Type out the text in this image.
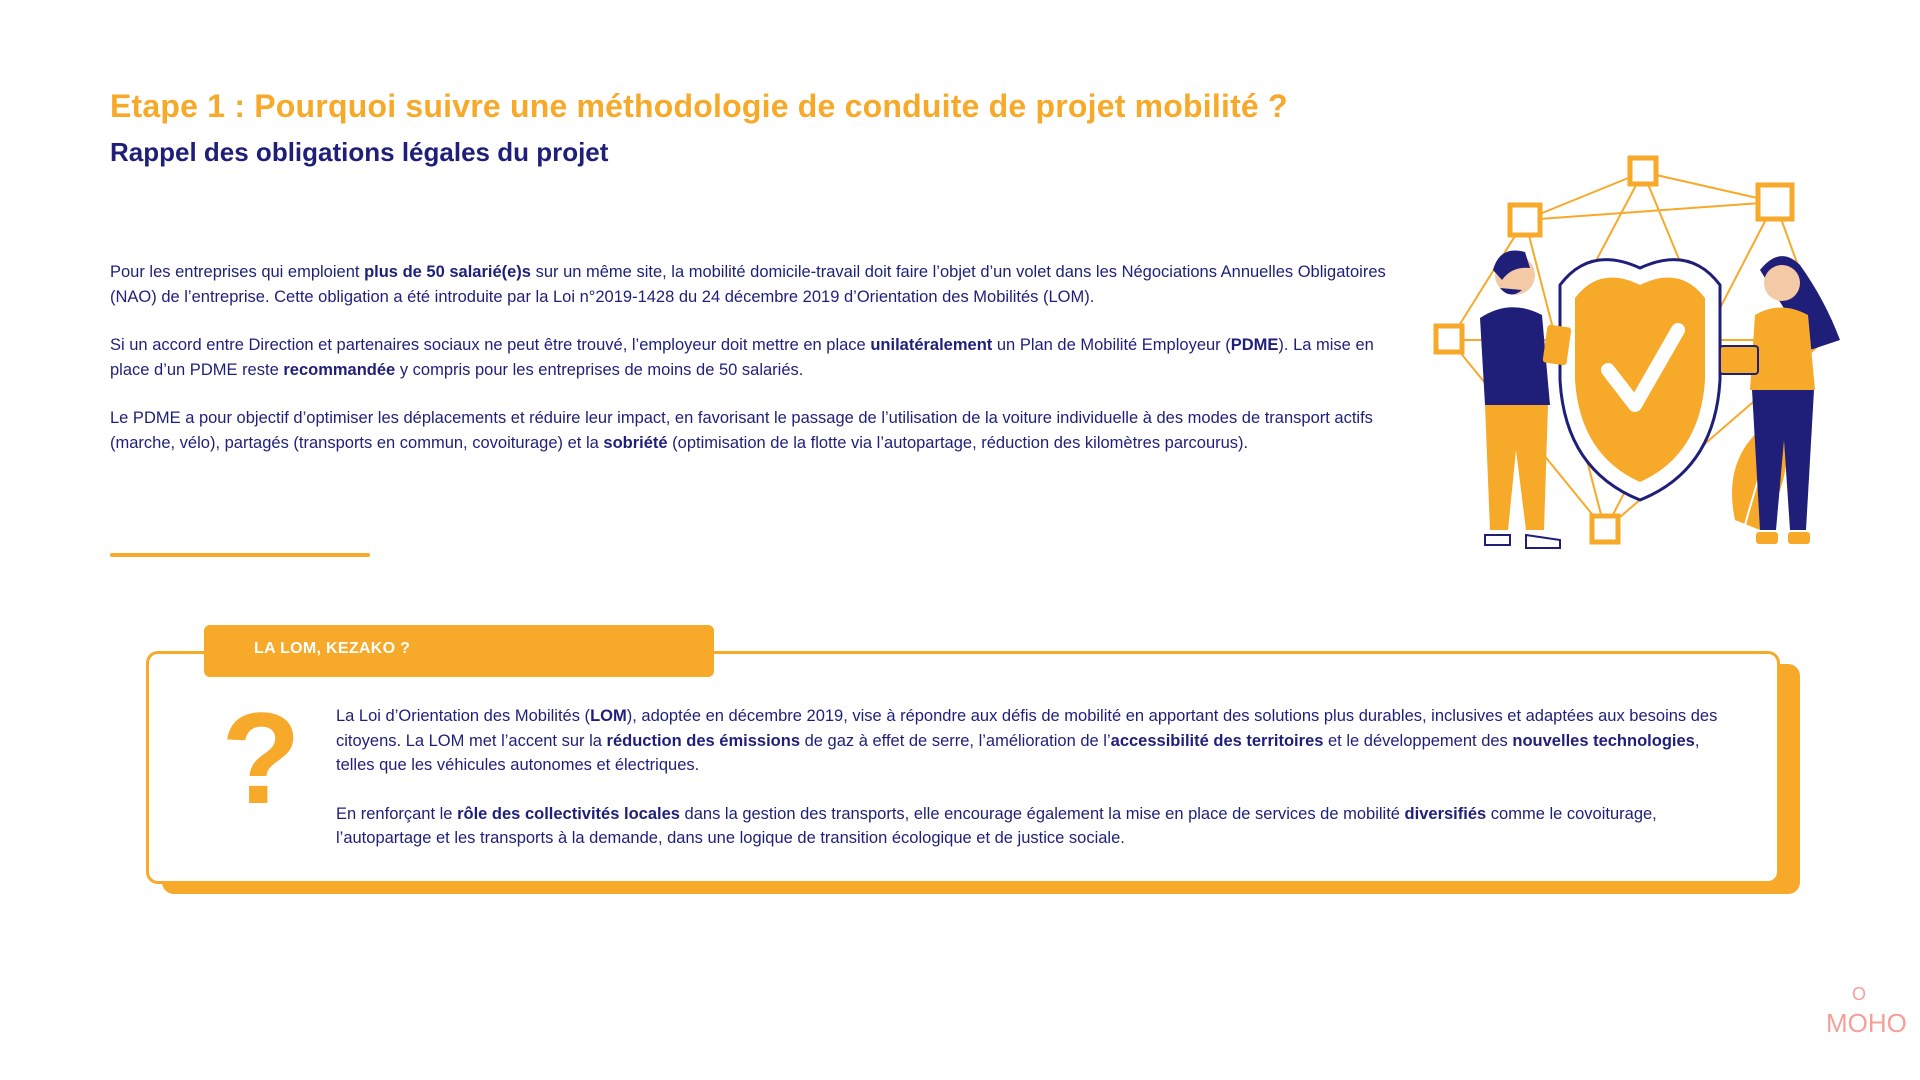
Etape 1 : Pourquoi suivre une méthodologie de conduite de projet mobilité ?
Rappel des obligations légales du projet

Pour les entreprises qui emploient plus de 50 salarié(e)s sur un même site, la mobilité domicile-travail doit faire l’objet d’un volet dans les Négociations Annuelles Obligatoires (NAO) de l’entreprise. Cette obligation a été introduite par la Loi n°2019-1428 du 24 décembre 2019 d’Orientation des Mobilités (LOM).

Si un accord entre Direction et partenaires sociaux ne peut être trouvé, l’employeur doit mettre en place unilatéralement un Plan de Mobilité Employeur (PDME). La mise en place d’un PDME reste recommandée y compris pour les entreprises de moins de 50 salariés.

Le PDME a pour objectif d’optimiser les déplacements et réduire leur impact, en favorisant le passage de l’utilisation de la voiture individuelle à des modes de transport actifs (marche, vélo), partagés (transports en commun, covoiturage) et la sobriété (optimisation de la flotte via l’autopartage, réduction des kilomètres parcourus).

LA LOM, KEZAKO ?
?	La Loi d’Orientation des Mobilités (LOM), adoptée en décembre 2019, vise à répondre aux défis de mobilité en apportant des solutions plus durables, inclusives et adaptées aux besoins des citoyens. La LOM met l’accent sur la réduction des émissions de gaz à effet de serre, l’amélioration de l’accessibilité des territoires et le développement des nouvelles technologies, telles que les véhicules autonomes et électriques.

En renforçant le rôle des collectivités locales dans la gestion des transports, elle encourage également la mise en place de services de mobilité diversifiés comme le covoiturage, l’autopartage et les transports à la demande, dans une logique de transition écologique et de justice sociale.

O
MOHO
